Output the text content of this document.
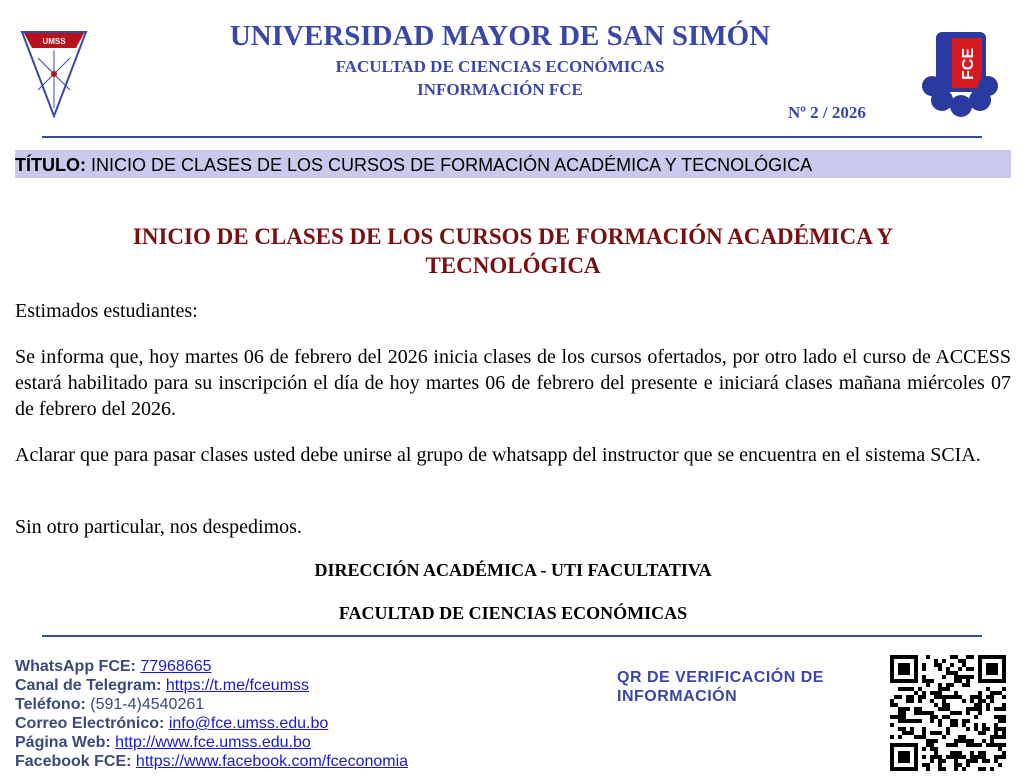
UMSS	UNIVERSIDAD MAYOR DE SAN SIMÓN
FACULTAD DE CIENCIAS ECONÓMICAS
INFORMACIÓN FCE
Nº 2 / 2026
FCE
TÍTULO: INICIO DE CLASES DE LOS CURSOS DE FORMACIÓN ACADÉMICA Y TECNOLÓGICA
INICIO DE CLASES DE LOS CURSOS DE FORMACIÓN ACADÉMICA Y
TECNOLÓGICA
Estimados estudiantes:
Se informa que, hoy martes 06 de febrero del 2026 inicia clases de los cursos ofertados, por otro lado el curso de ACCESS estará habilitado para su inscripción el día de hoy martes 06 de febrero del presente e iniciará clases mañana miércoles 07 de febrero del 2026.
Aclarar que para pasar clases usted debe unirse al grupo de whatsapp del instructor que se encuentra en el sistema SCIA.
Sin otro particular, nos despedimos.
DIRECCIÓN ACADÉMICA - UTI FACULTATIVA
FACULTAD DE CIENCIAS ECONÓMICAS
WhatsApp FCE: 77968665
Canal de Telegram: https://t.me/fceumss
Teléfono: (591-4)4540261
Correo Electrónico: info@fce.umss.edu.bo
Página Web: http://www.fce.umss.edu.bo
Facebook FCE: https://www.facebook.com/fceconomia
QR DE VERIFICACIÓN DE INFORMACIÓN
